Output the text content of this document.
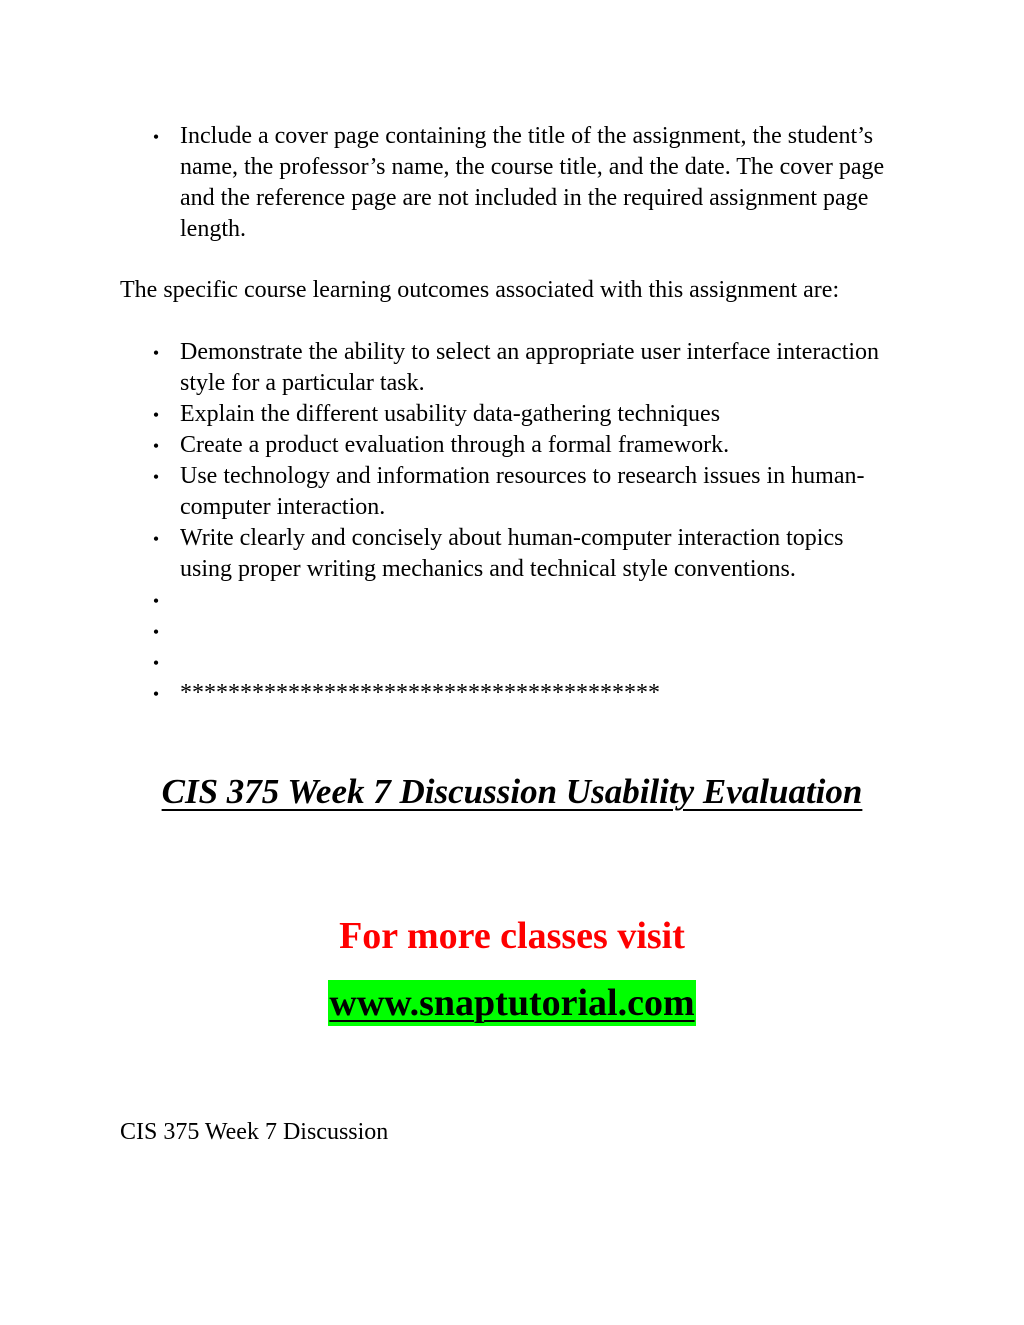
• Include a cover page containing the title of the assignment, the student’s name, the professor’s name, the course title, and the date. The cover page and the reference page are not included in the required assignment page length.

The specific course learning outcomes associated with this assignment are:

• Demonstrate the ability to select an appropriate user interface interaction style for a particular task.
• Explain the different usability data-gathering techniques
• Create a product evaluation through a formal framework.
• Use technology and information resources to research issues in human-computer interaction.
• Write clearly and concisely about human-computer interaction topics using proper writing mechanics and technical style conventions.
•
•
•
• ****************************************
CIS 375 Week 7 Discussion Usability Evaluation

For more classes visit

www.snaptutorial.com

CIS 375 Week 7 Discussion
